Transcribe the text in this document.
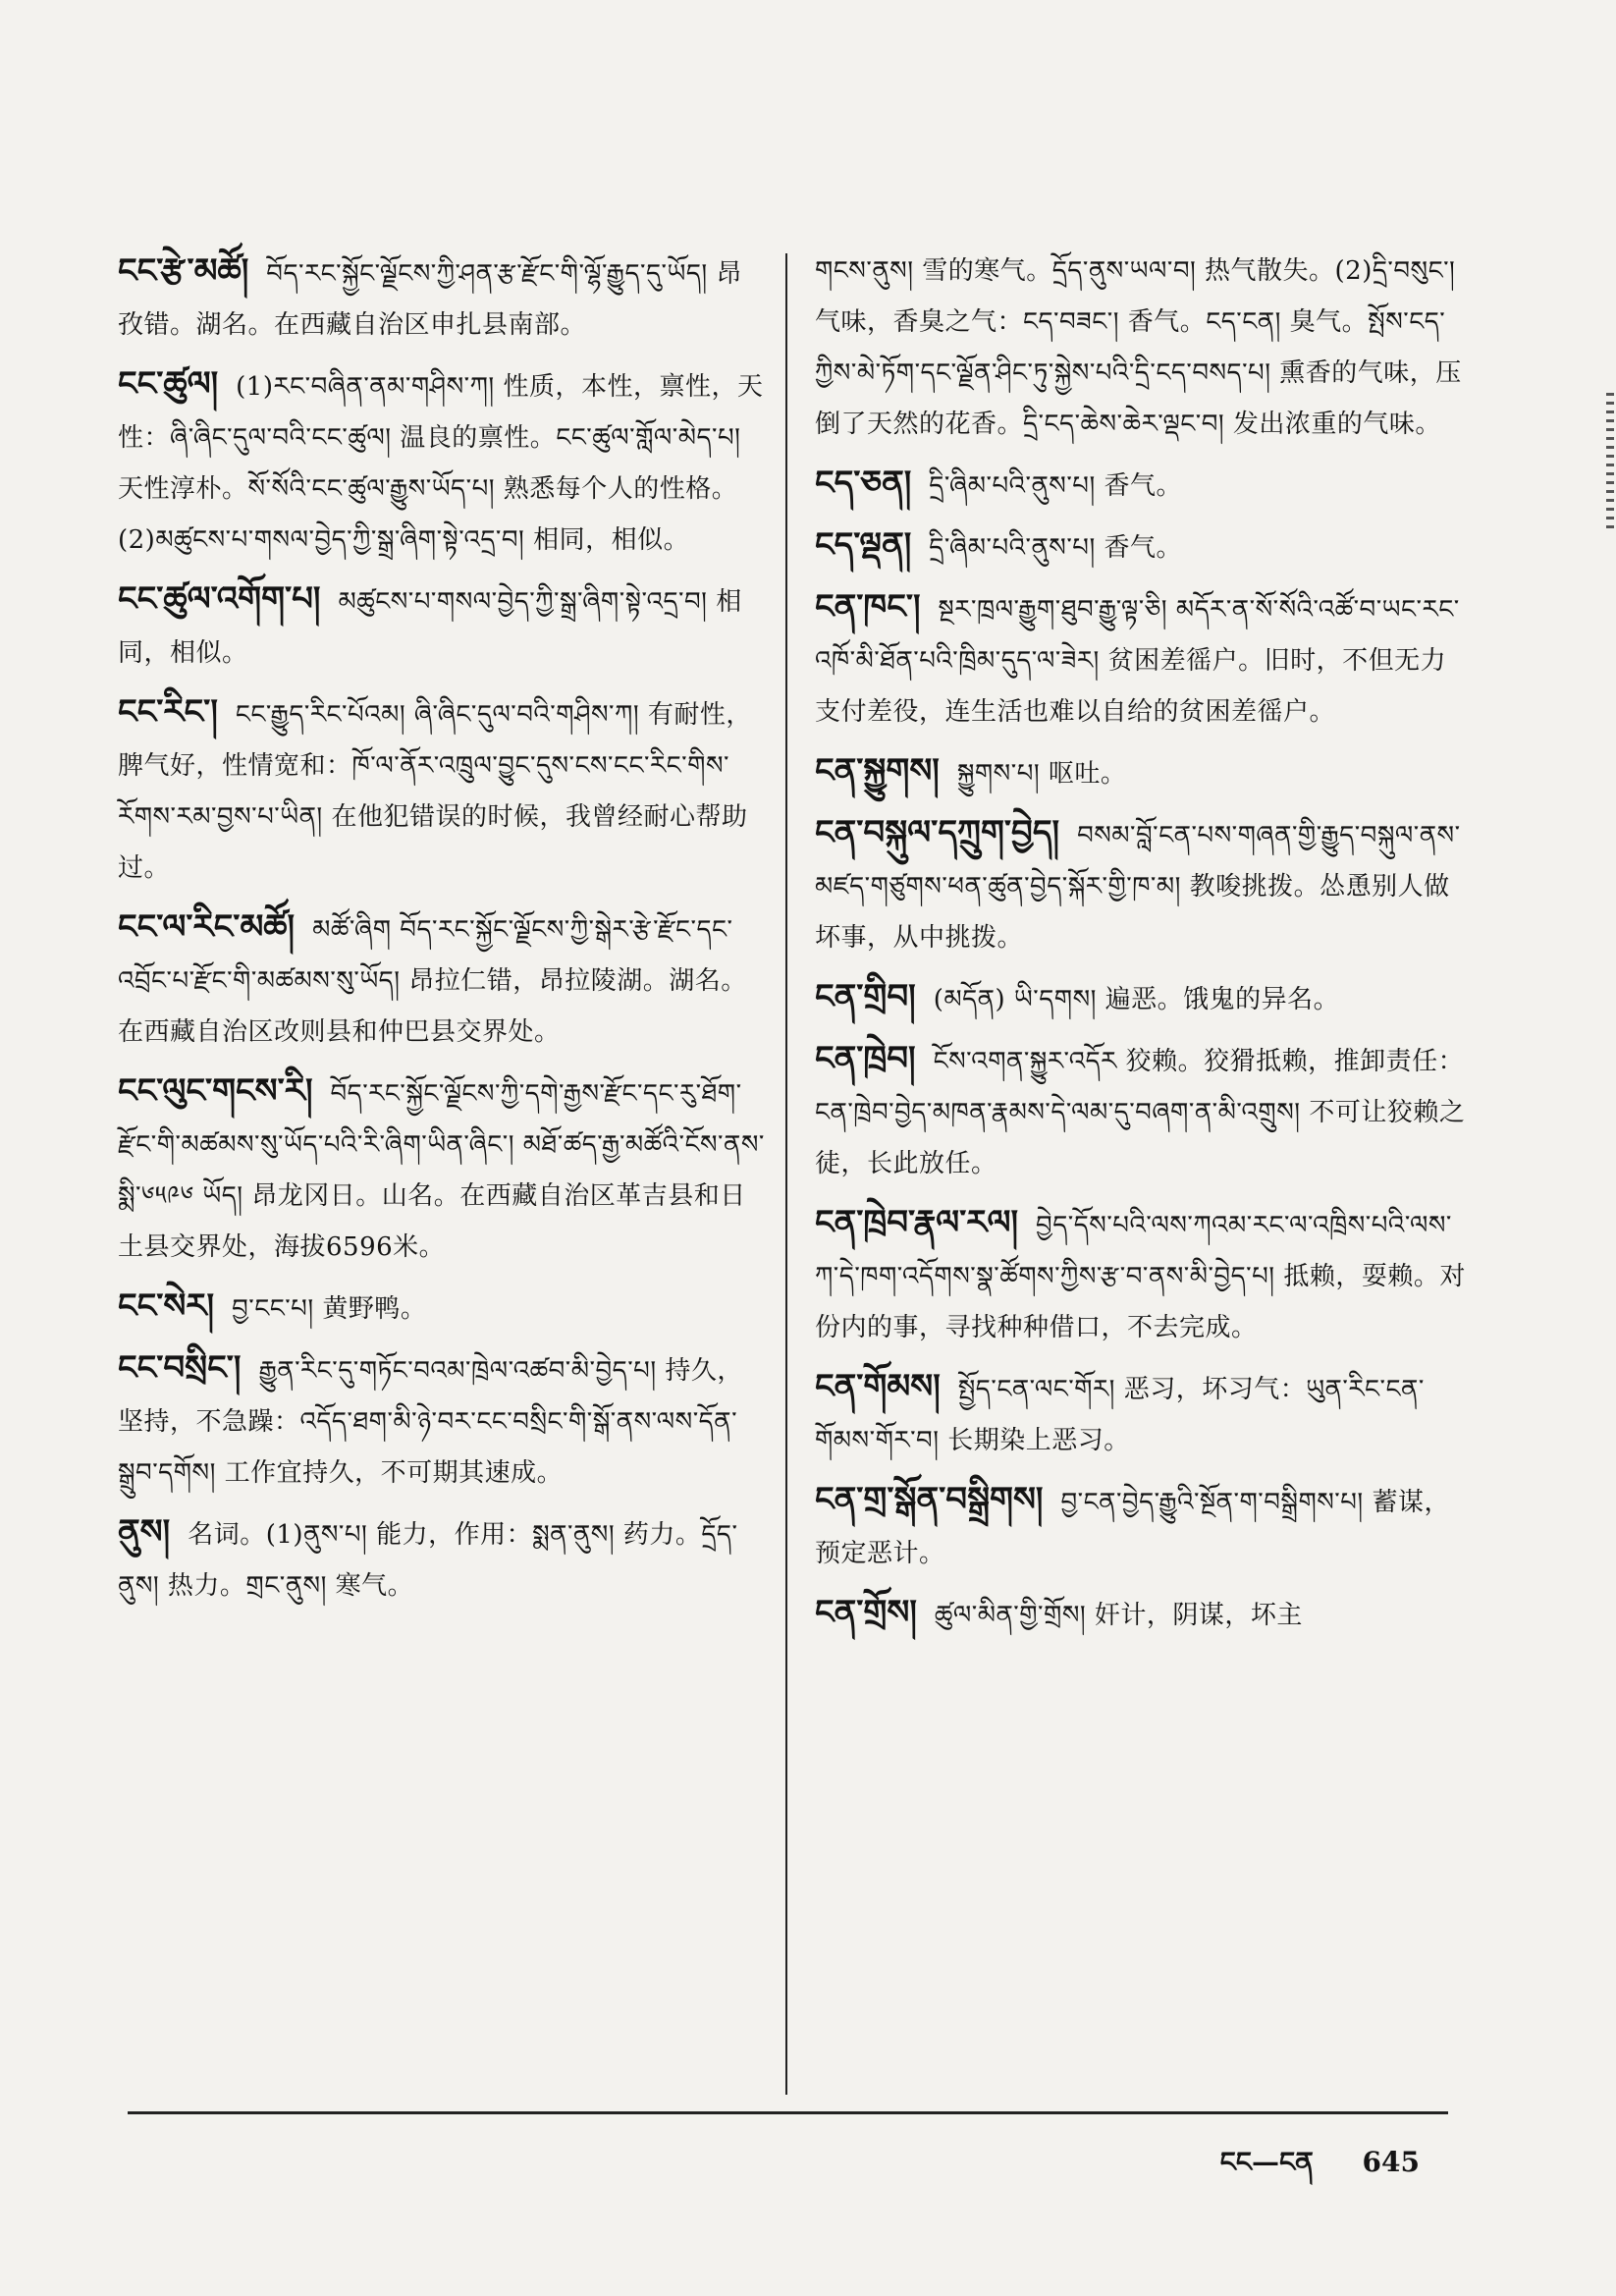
ངང་རྩེ་མཚོ། བོད་རང་སྐྱོང་ལྗོངས་ཀྱི་ཤན་རྩ་རྫོང་གི་ལྷོ་རྒྱུད་དུ་ཡོད། 昂孜错。湖名。在西藏自治区申扎县南部。
ངང་ཚུལ། (1)རང་བཞིན་ནམ་གཤིས་ཀ། 性质，本性，禀性，天性：ཞི་ཞིང་དུལ་བའི་ངང་ཚུལ། 温良的禀性。ངང་ཚུལ་གློལ་མེད་པ། 天性淳朴。སོ་སོའི་ངང་ཚུལ་རྒྱུས་ཡོད་པ། 熟悉每个人的性格。(2)མཚུངས་པ་གསལ་བྱེད་ཀྱི་སྒྲ་ཞིག་སྟེ་འདྲ་བ། 相同，相似。
ངང་ཚུལ་འགོག་པ། མཚུངས་པ་གསལ་བྱེད་ཀྱི་སྒྲ་ཞིག་སྟེ་འདྲ་བ། 相同，相似。
ངང་རིང་། ངང་རྒྱུད་རིང་པོའམ། ཞི་ཞིང་དུལ་བའི་གཤིས་ཀ། 有耐性，脾气好，性情宽和：ཁོ་ལ་ནོར་འཁྲུལ་བྱུང་དུས་ངས་ངང་རིང་གིས་རོགས་རམ་བྱས་པ་ཡིན། 在他犯错误的时候，我曾经耐心帮助过。
ངང་ལ་རིང་མཚོ། མཚོ་ཞིག བོད་རང་སྐྱོང་ལྗོངས་ཀྱི་སྒེར་རྩེ་རྫོང་དང་འབྲོང་པ་རྫོང་གི་མཚམས་སུ་ཡོད། 昂拉仁错，昂拉陵湖。湖名。在西藏自治区改则县和仲巴县交界处。
ངང་ལུང་གངས་རི། བོད་རང་སྐྱོང་ལྗོངས་ཀྱི་དགེ་རྒྱས་རྫོང་དང་རུ་ཐོག་རྫོང་གི་མཚམས་སུ་ཡོད་པའི་རི་ཞིག་ཡིན་ཞིང་། མཐོ་ཚད་རྒྱ་མཚོའི་ངོས་ནས་སྨི་༦༥༩༦ ཡོད། 昂龙冈日。山名。在西藏自治区革吉县和日土县交界处，海拔6596米。
ངང་སེར། བྱ་ངང་པ། 黄野鸭。
ངང་བསྲིང་། རྒྱུན་རིང་དུ་གཏོང་བའམ་ཁྲེལ་འཚབ་མི་བྱེད་པ། 持久，坚持，不急躁：འདོད་ཐག་མི་ཉེ་བར་ངང་བསྲིང་གི་སྒོ་ནས་ལས་དོན་སྒྲུབ་དགོས། 工作宜持久，不可期其速成。
ནུས། 名词。(1)ནུས་པ། 能力，作用：སྨན་ནུས། 药力。དྲོད་ནུས། 热力。གྲང་ནུས། 寒气。
གངས་ནུས། 雪的寒气。དྲོད་ནུས་ཡལ་བ། 热气散失。(2)དྲི་བསུང་། 气味，香臭之气：ངད་བཟང་། 香气。ངད་ངན། 臭气。སྤོས་ངད་ཀྱིས་མེ་ཏོག་དང་ལྗོན་ཤིང་ཏུ་སྐྱེས་པའི་དྲི་ངད་བསད་པ། 熏香的气味，压倒了天然的花香。དྲི་ངད་ཆེས་ཆེར་ལྡང་བ། 发出浓重的气味。
ངད་ཅན། དྲི་ཞིམ་པའི་ནུས་པ། 香气。
ངད་ལྡན། དྲི་ཞིམ་པའི་ནུས་པ། 香气。
ངན་ཁང་། སྔར་ཁྲལ་རྒྱུག་ཐུབ་རྒྱུ་ལྟ་ཅི། མདོར་ན་སོ་སོའི་འཚོ་བ་ཡང་རང་འཁོ་མི་ཐོན་པའི་ཁྲིམ་དུད་ལ་ཟེར། 贫困差徭户。旧时，不但无力支付差役，连生活也难以自给的贫困差徭户。
ངན་སྐྱུགས། སྐྱུགས་པ། 呕吐。
ངན་བསྐུལ་དཀྲུག་བྱེད། བསམ་བློ་ངན་པས་གཞན་གྱི་རྒྱུད་བསྐུལ་ནས་མཛད་གཙུགས་ཕན་ཚུན་བྱེད་སྐོར་གྱི་ཁ་མ། 教唆挑拨。怂恿别人做坏事，从中挑拨。
ངན་གྲིབ། (མདོན) ཡི་དགས། 遍恶。饿鬼的异名。
ངན་ཁྲེབ། ངོས་འགན་སྐྱུར་འདོར 狡赖。狡猾抵赖，推卸责任：ངན་ཁྲེབ་བྱེད་མཁན་རྣམས་དེ་ལམ་དུ་བཞག་ན་མི་འགྲུས། 不可让狡赖之徒，长此放任。
ངན་ཁྲེབ་རྣལ་རལ། བྱེད་དོས་པའི་ལས་ཀའམ་རང་ལ་འཁྲིས་པའི་ལས་ཀ་དེ་ཁག་འདོགས་སྣ་ཚོགས་ཀྱིས་རྩ་བ་ནས་མི་བྱེད་པ། 抵赖，耍赖。对份内的事，寻找种种借口，不去完成。
ངན་གོམས། སྤྱོད་ངན་ལང་གོར། 恶习，坏习气：ཡུན་རིང་ངན་གོམས་གོར་བ། 长期染上恶习。
ངན་གྲ་སྒོན་བསྒྲིགས། བྱ་ངན་བྱེད་རྒྱུའི་སྔོན་ག་བསྒྲིགས་པ། 蓄谋，预定恶计。
ངན་གྲོས། ཚུལ་མིན་གྱི་གྲོས། 奸计，阴谋，坏主
ངང—ངན 645
